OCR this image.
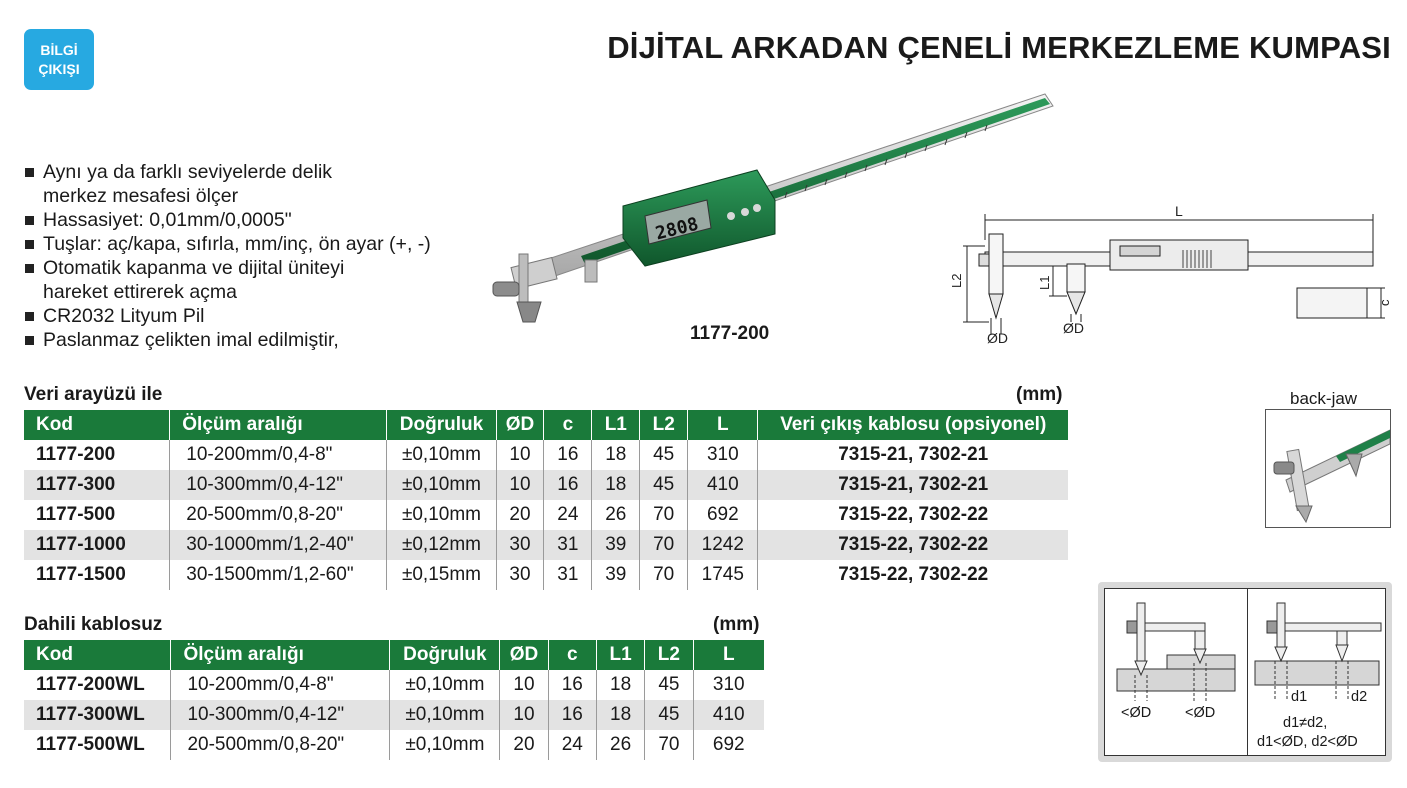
BİLGİ
ÇIKIŞI
DİJİTAL ARKADAN ÇENELİ MERKEZLEME KUMPASI
Aynı ya da farklı seviyelerde delik
merkez mesafesi ölçer
Hassasiyet: 0,01mm/0,0005"
Tuşlar: aç/kapa, sıfırla, mm/inç, ön ayar (+, -)
Otomatik kapanma ve dijital üniteyi
hareket ettirerek açma
CR2032 Lityum Pil
Paslanmaz çelikten imal edilmiştir,
2808
1177-200
L
L2	L1
ØD
ØD
c
Veri arayüzü ile	(mm)
Kod	Ölçüm aralığı	Doğruluk	ØD	c	L1	L2	L	Veri çıkış kablosu (opsiyonel)
1177-200	10-200mm/0,4-8"	±0,10mm	10	16	18	45	310	7315-21, 7302-21
1177-300	10-300mm/0,4-12"	±0,10mm	10	16	18	45	410	7315-21, 7302-21
1177-500	20-500mm/0,8-20"	±0,10mm	20	24	26	70	692	7315-22, 7302-22
1177-1000	30-1000mm/1,2-40"	±0,12mm	30	31	39	70	1242	7315-22, 7302-22
1177-1500	30-1500mm/1,2-60"	±0,15mm	30	31	39	70	1745	7315-22, 7302-22
Dahili kablosuz	(mm)
Kod	Ölçüm aralığı	Doğruluk	ØD	c	L1	L2	L
1177-200WL	10-200mm/0,4-8"	±0,10mm	10	16	18	45	310
1177-300WL	10-300mm/0,4-12"	±0,10mm	10	16	18	45	410
1177-500WL	20-500mm/0,8-20"	±0,10mm	20	24	26	70	692
back-jaw
<ØD <ØD
d1	d2
d1≠d2,
d1<ØD, d2<ØD
